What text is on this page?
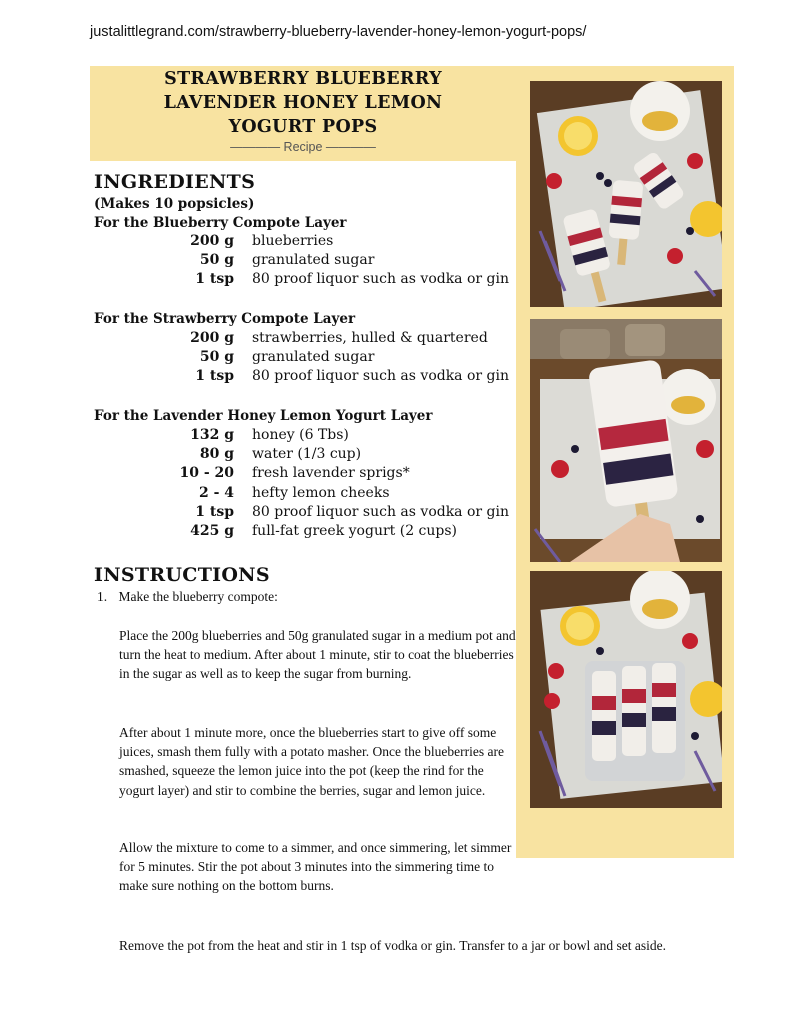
justalittlegrand.com/strawberry-blueberry-lavender-honey-lemon-yogurt-pops/
STRAWBERRY BLUEBERRY
LAVENDER HONEY LEMON
YOGURT POPS
———— Recipe ————
INGREDIENTS
(Makes 10 popsicles)
For the Blueberry Compote Layer
200 g blueberries
50 g granulated sugar
1 tsp 80 proof liquor such as vodka or gin
For the Strawberry Compote Layer
200 g strawberries, hulled & quartered
50 g granulated sugar
1 tsp 80 proof liquor such as vodka or gin
For the Lavender Honey Lemon Yogurt Layer
132 g honey (6 Tbs)
80 g water (1/3 cup)
10 - 20 fresh lavender sprigs*
2 - 4 hefty lemon cheeks
1 tsp 80 proof liquor such as vodka or gin
425 g full-fat greek yogurt (2 cups)
INSTRUCTIONS
1. Make the blueberry compote:
Place the 200g blueberries and 50g granulated sugar in a medium pot and turn the heat to medium. After about 1 minute, stir to coat the blueberries in the sugar as well as to keep the sugar from burning.
After about 1 minute more, once the blueberries start to give off some juices, smash them fully with a potato masher. Once the blueberries are smashed, squeeze the lemon juice into the pot (keep the rind for the yogurt layer) and stir to combine the berries, sugar and lemon juice.
Allow the mixture to come to a simmer, and once simmering, let simmer for 5 minutes. Stir the pot about 3 minutes into the simmering time to make sure nothing on the bottom burns.
Remove the pot from the heat and stir in 1 tsp of vodka or gin. Transfer to a jar or bowl and set aside.
